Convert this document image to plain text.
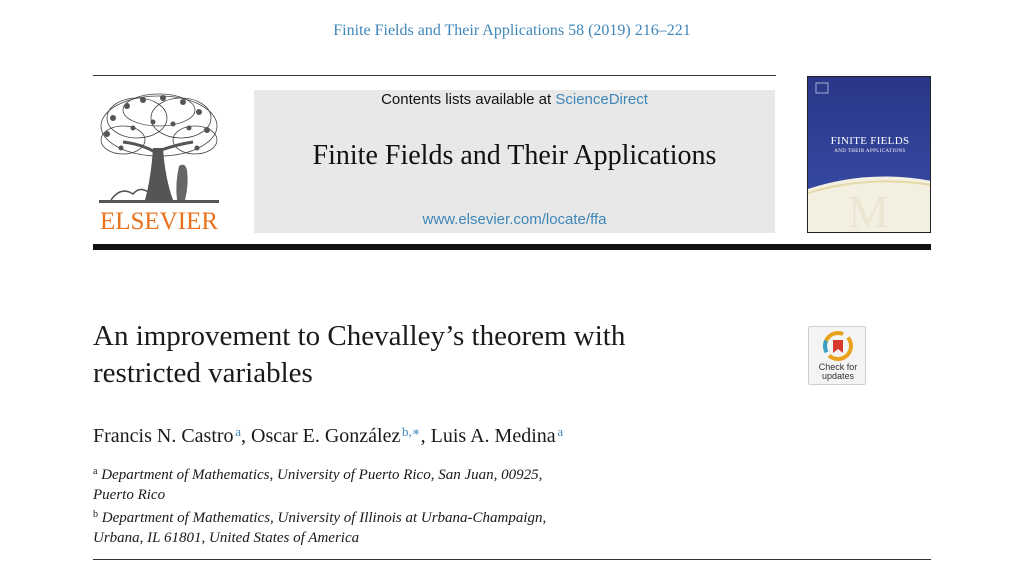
Finite Fields and Their Applications 58 (2019) 216–221
ELSEVIER
Contents lists available at ScienceDirect
Finite Fields and Their Applications
www.elsevier.com/locate/ffa	M
FINITE FIELDS
AND THEIR APPLICATIONS
An improvement to Chevalley’s theorem with
restricted variables	Check for
updates
Francis N. Castro  $^a$, Oscar E. González  $^{b,∗}$, Luis A. Medina  $^a$
$^a$ Department of Mathematics, University of Puerto Rico, San Juan, 00925,
Puerto Rico
$^b$ Department of Mathematics, University of Illinois at Urbana-Champaign,
Urbana, IL 61801, United States of America
